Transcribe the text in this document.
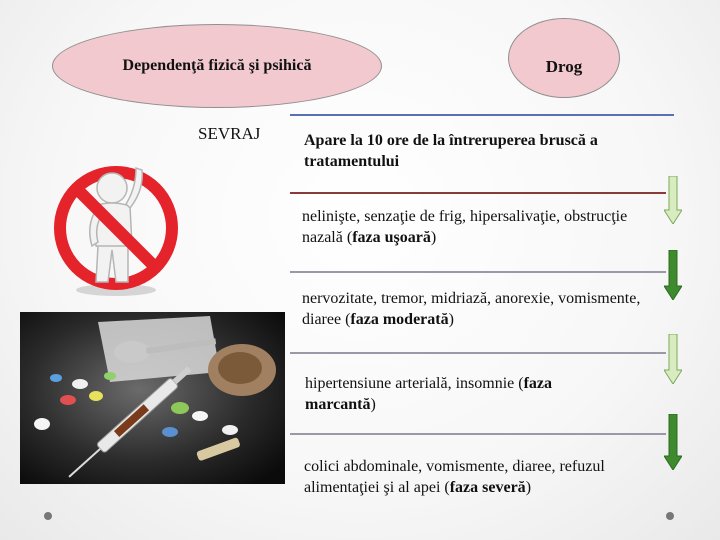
Dependenţă fizică şi psihică	Drog
SEVRAJ	Apare la 10 ore de la întreruperea bruscă a tratamentului
nelinişte, senzaţie de frig, hipersalivaţie, obstrucţie nazală (faza uşoară)
nervozitate, tremor, midriază, anorexie, vomismente, diaree (faza moderată)
hipertensiune arterială, insomnie (faza marcantă)
colici abdominale, vomismente, diaree, refuzul alimentaţiei şi al apei (faza severă)
